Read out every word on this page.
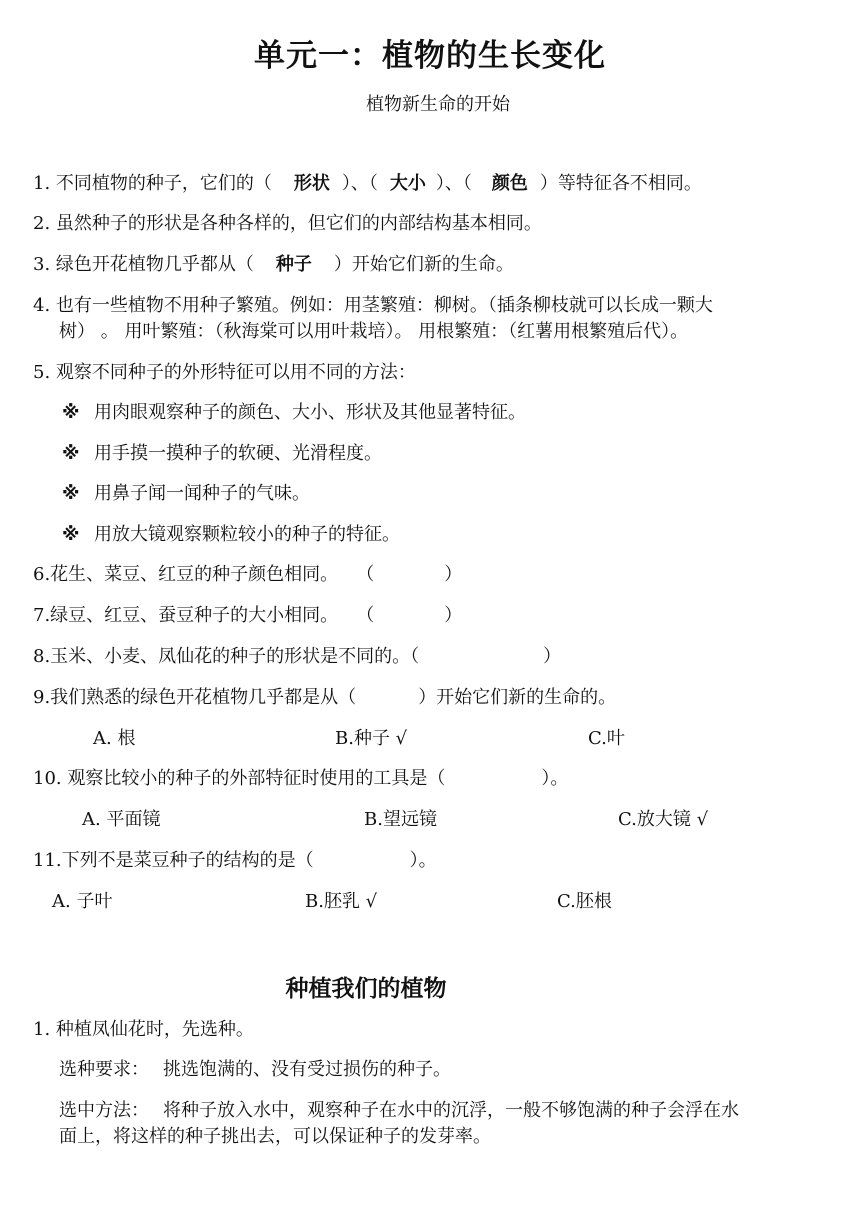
单元一：植物的生长变化
植物新生命的开始
1. 不同植物的种子，它们的（ 形状 ）、（ 大小 ）、（ 颜色 ）等特征各不相同。
2. 虽然种子的形状是各种各样的，但它们的内部结构基本相同。
3. 绿色开花植物几乎都从（ 种子 ）开始它们新的生命。
4. 也有一些植物不用种子繁殖。例如：用茎繁殖：柳树。（插条柳枝就可以长成一颗大
树） 。 用叶繁殖：（秋海棠可以用叶栽培）。 用根繁殖：（红薯用根繁殖后代）。
5. 观察不同种子的外形特征可以用不同的方法：
※ 用肉眼观察种子的颜色、大小、形状及其他显著特征。
※ 用手摸一摸种子的软硬、光滑程度。
※ 用鼻子闻一闻种子的气味。
※ 用放大镜观察颗粒较小的种子的特征。
6.花生、菜豆、红豆的种子颜色相同。 （	）
7.绿豆、红豆、蚕豆种子的大小相同。 （	）
8.玉米、小麦、凤仙花的种子的形状是不同的。（	）
9.我们熟悉的绿色开花植物几乎都是从（	）开始它们新的生命的。
A. 根	B.种子 √	C.叶
10. 观察比较小的种子的外部特征时使用的工具是（	）。
A. 平面镜	B.望远镜	C.放大镜 √
11.下列不是菜豆种子的结构的是（	）。
A. 子叶	B.胚乳 √	C.胚根
种植我们的植物
1. 种植凤仙花时，先选种。
选种要求： 挑选饱满的、没有受过损伤的种子。
选中方法： 将种子放入水中，观察种子在水中的沉浮，一般不够饱满的种子会浮在水
面上，将这样的种子挑出去，可以保证种子的发芽率。
